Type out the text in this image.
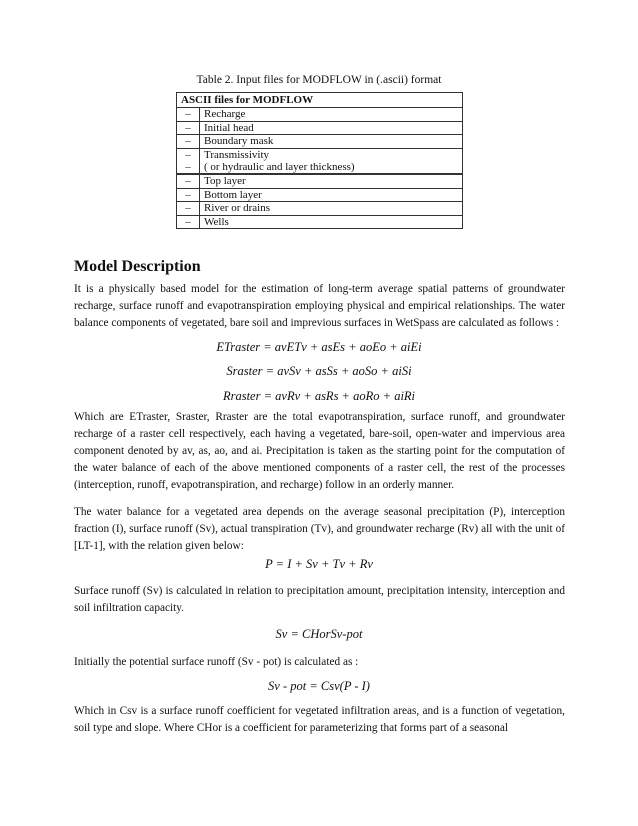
Table 2. Input files for MODFLOW in (.ascii) format
ASCII files for MODFLOW	
–	Recharge
–	Initial head
–	Boundary mask
–	Transmissivity
–	( or hydraulic and layer thickness)
–	Top layer
–	Bottom layer
–	River or drains
–	Wells
Model Description

It is a physically based model for the estimation of long-term average spatial patterns of groundwater recharge, surface runoff and evapotranspiration employing physical and empirical relationships. The water balance components of vegetated, bare soil and imprevious surfaces in WetSpass are calculated as follows :

ETraster = avETv + asEs + aoEo + aiEi
Sraster = avSv + asSs + aoSo + aiSi
Rraster = avRv + asRs + aoRo + aiRi

Which are ETraster, Sraster, Rraster are the total evapotranspiration, surface runoff, and groundwater recharge of a raster cell respectively, each having a vegetated, bare-soil, open-water and impervious area component denoted by av, as, ao, and ai. Precipitation is taken as the starting point for the computation of the water balance of each of the above mentioned components of a raster cell, the rest of the processes (interception, runoff, evapotranspiration, and recharge) follow in an orderly manner.

The water balance for a vegetated area depends on the average seasonal precipitation (P), interception fraction (I), surface runoff (Sv), actual transpiration (Tv), and groundwater recharge (Rv) all with the unit of [LT-1], with the relation given below:

P = I + Sv + Tv + Rv

Surface runoff (Sv) is calculated in relation to precipitation amount, precipitation intensity, interception and soil infiltration capacity.

Sv = CHorSv-pot

Initially the potential surface runoff (Sv - pot) is calculated as :

Sv - pot = Csv(P - I)

Which in Csv is a surface runoff coefficient for vegetated infiltration areas, and is a function of vegetation, soil type and slope. Where CHor is a coefficient for parameterizing that forms part of a seasonal
